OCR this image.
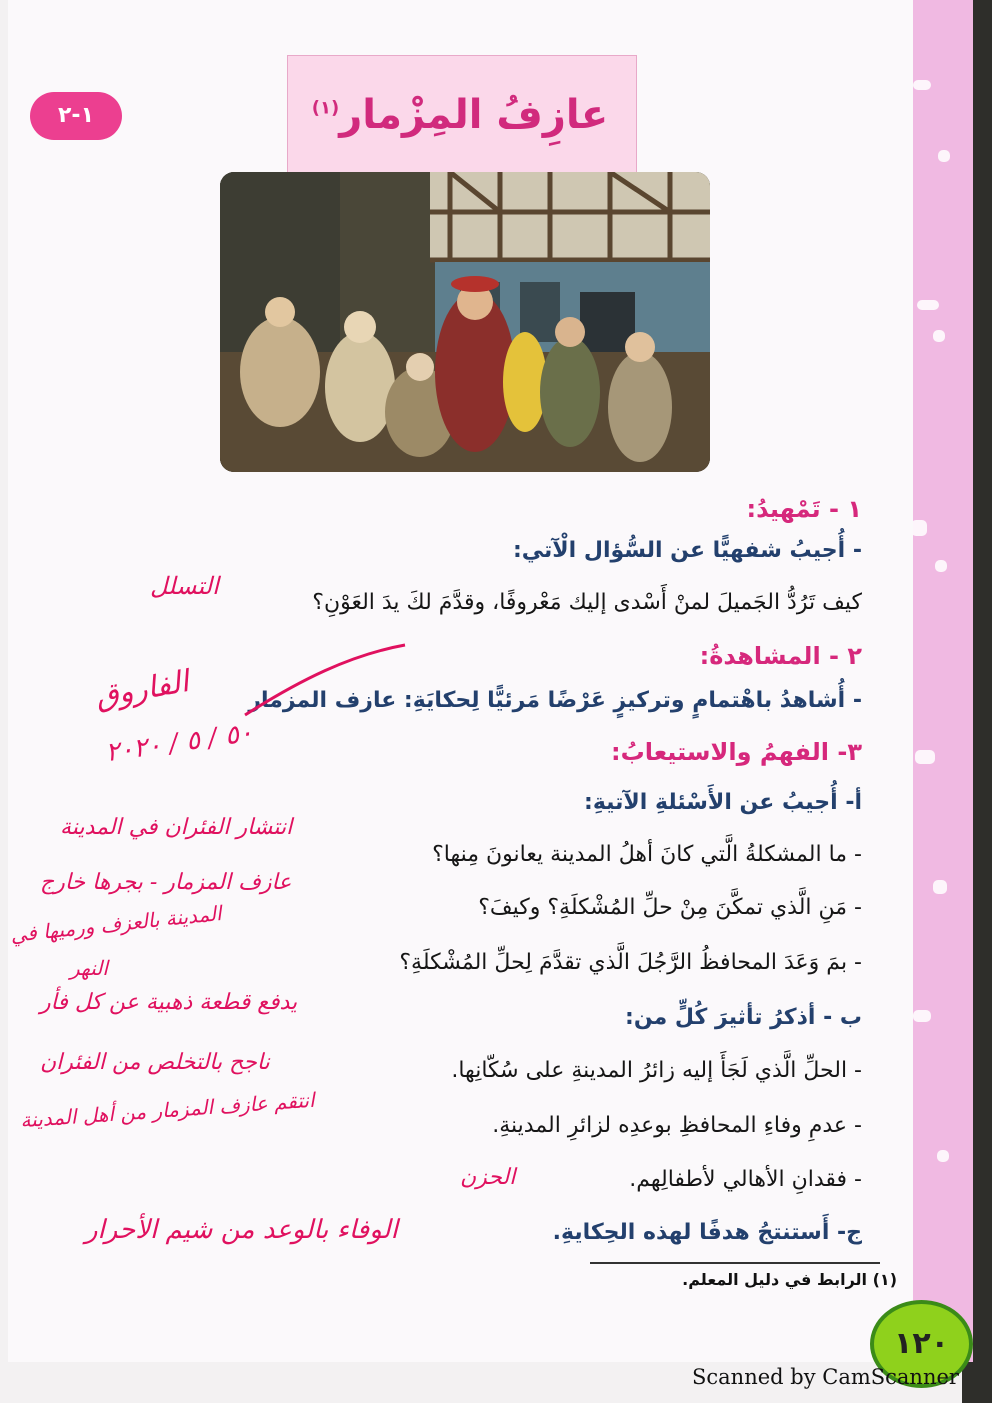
١-٢	عازِفُ المِزْمار$^{(١)}$
١ - تَمْهيدُ:
- أُجيبُ شفهيًّا عن السُّؤال الْآتي:
كيف تَرُدُّ الجَميلَ لمنْ أَسْدى إليك مَعْروفًا، وقدَّمَ لكَ يدَ العَوْنِ؟
٢ - المشاهدةُ:
- أُشاهدُ باهْتمامٍ وتركيزٍ عَرْضًا مَرئيًّا لِحكايَةِ: عازف المزمار
٣- الفهمُ والاستيعابُ:
أ- أُجيبُ عن الأَسْئلةِ الآتيةِ:
- ما المشكلةُ الَّتي كانَ أهلُ المدينة يعانونَ مِنها؟
- مَنِ الَّذي تمكَّنَ مِنْ حلِّ المُشْكلَةِ؟ وكيفَ؟
- بمَ وَعَدَ المحافظُ الرَّجُلَ الَّذي تقدَّمَ لِحلِّ المُشْكلَةِ؟
ب - أذكرُ تأثيرَ كُلٍّ من:
- الحلِّ الَّذي لَجَأَ إليه زائرُ المدينةِ على سُكّانِها.
- عدمِ وفاءِ المحافظِ بوعدِه لزائرِ المدينةِ.
- فقدانِ الأهالي لأطفالِهم.
ج- أَستنتجُ هدفًا لهذه الحِكايةِ.
التسلل
الفاروق
٥٠ / ٥ / ٢٠٢٠
انتشار الفئران في المدينة
عازف المزمار - بجرها خارج
المدينة بالعزف ورميها في
النهر
يدفع قطعة ذهبية عن كل فأر
ناجح بالتخلص من الفئران
انتقم عازف المزمار من أهل المدينة
الحزن
الوفاء بالوعد من شيم الأحرار
(١) الرابط في دليل المعلم.
١٢٠
Scanned by CamScanner
